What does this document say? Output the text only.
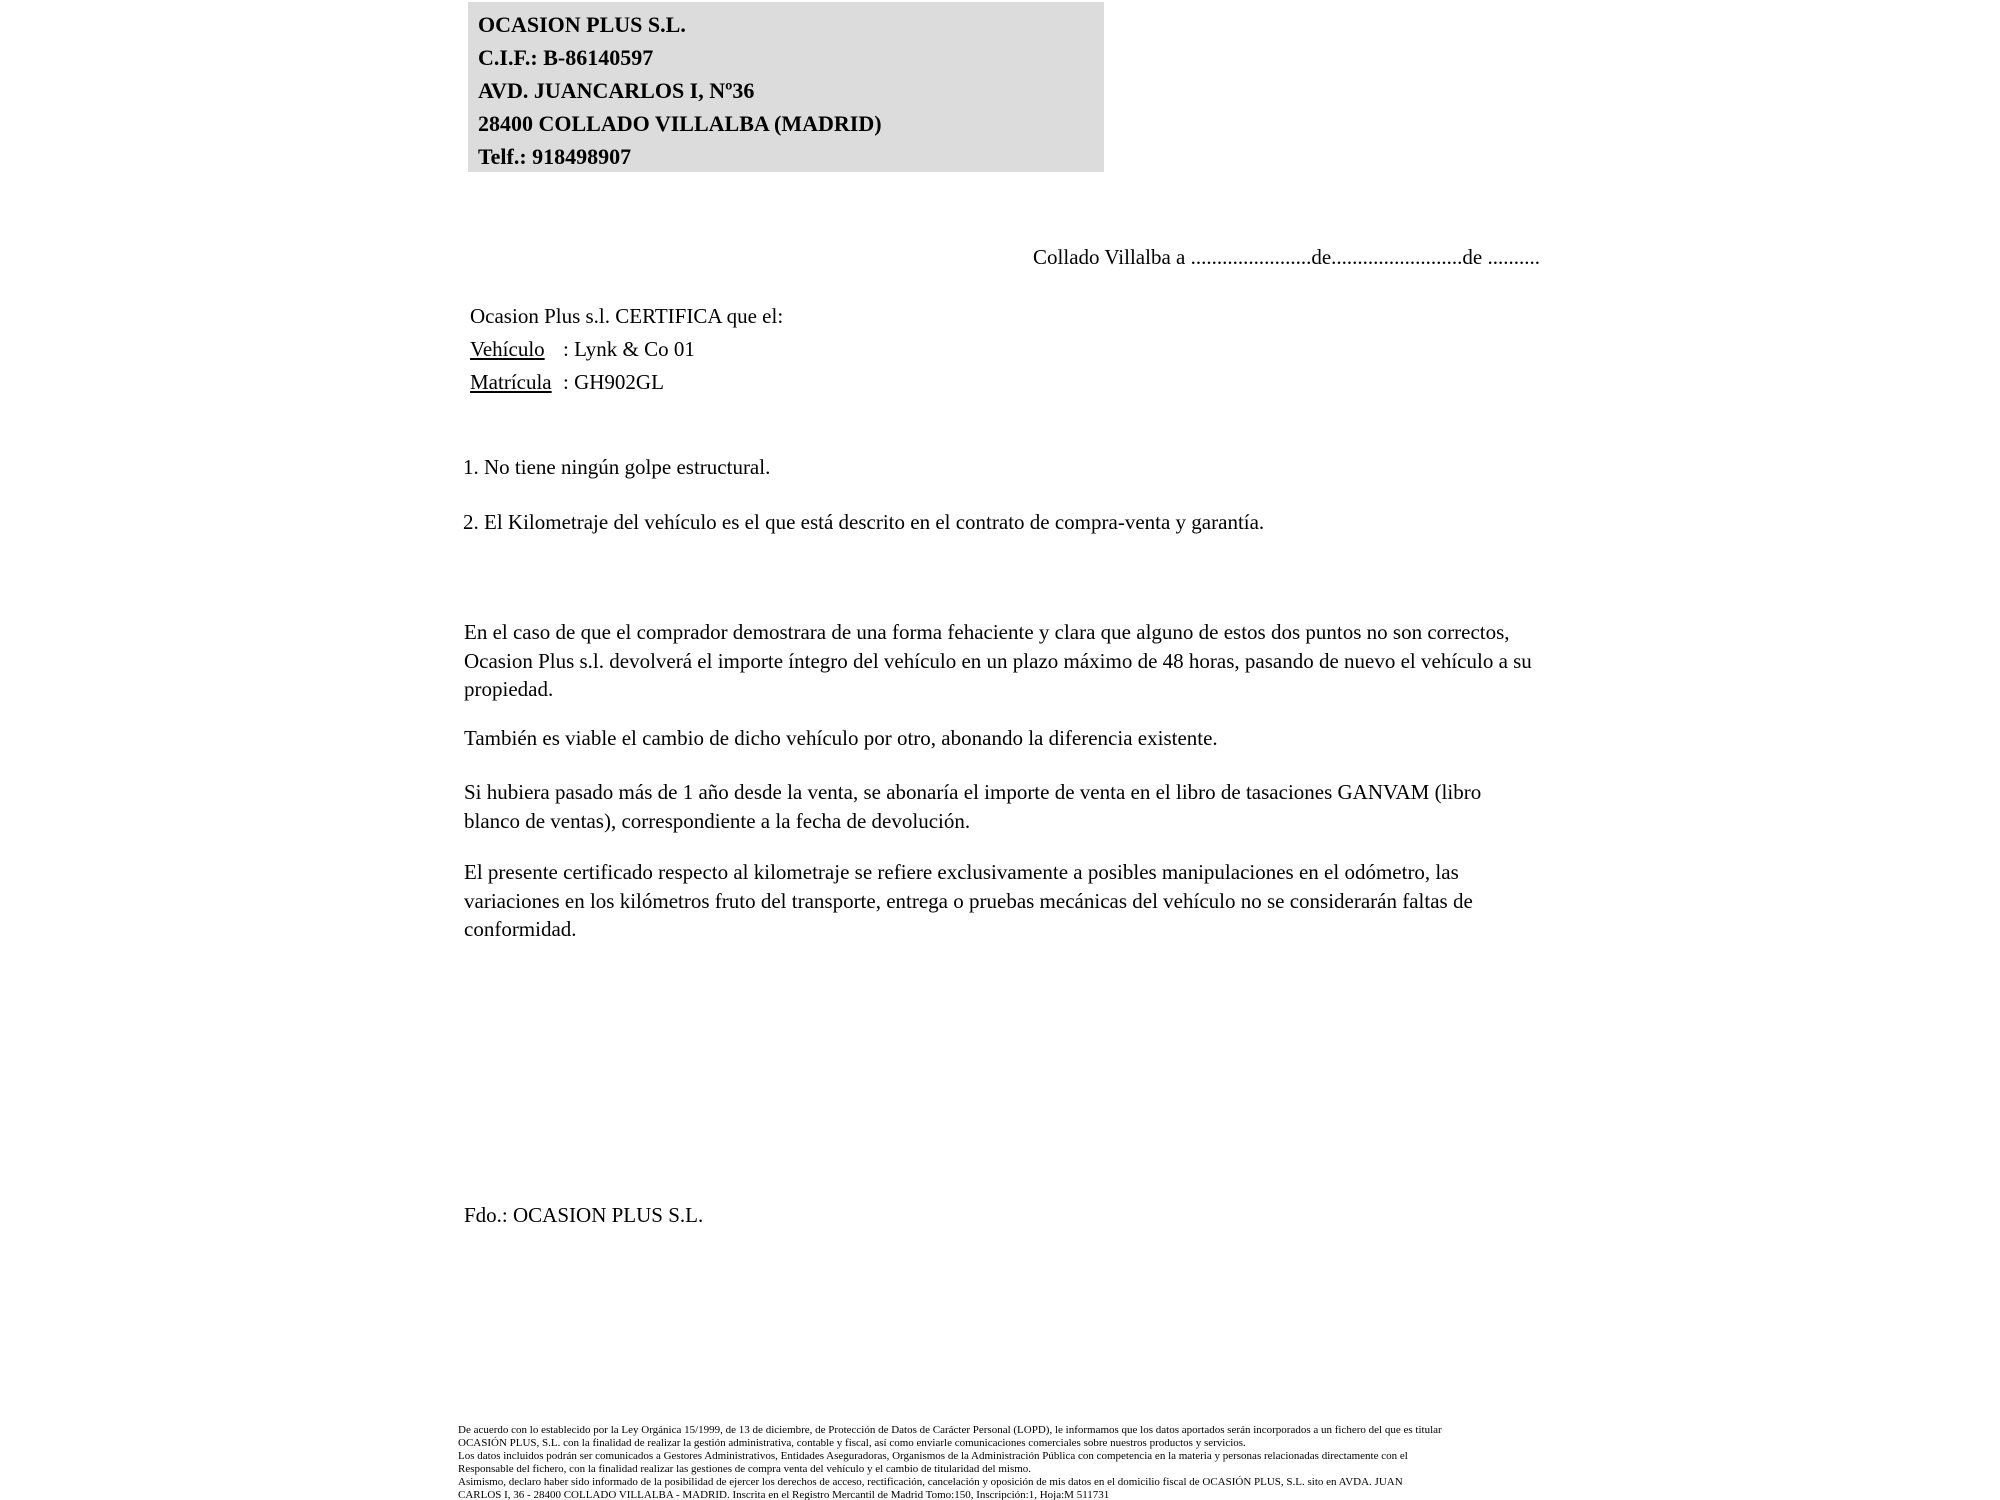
OCASION PLUS S.L.
C.I.F.: B-86140597
AVD. JUANCARLOS I, Nº36
28400 COLLADO VILLALBA (MADRID)
Telf.: 918498907
Collado Villalba a .......................de.........................de ..........
Ocasion Plus s.l. CERTIFICA que el:
Vehículo : Lynk & Co 01
Matrícula : GH902GL
1. No tiene ningún golpe estructural.
2. El Kilometraje del vehículo es el que está descrito en el contrato de compra-venta y garantía.
En el caso de que el comprador demostrara de una forma fehaciente y clara que alguno de estos dos puntos no son correctos, Ocasion Plus s.l. devolverá el importe íntegro del vehículo en un plazo máximo de 48 horas, pasando de nuevo el vehículo a su propiedad.
También es viable el cambio de dicho vehículo por otro, abonando la diferencia existente.
Si hubiera pasado más de 1 año desde la venta, se abonaría el importe de venta en el libro de tasaciones GANVAM (libro blanco de ventas), correspondiente a la fecha de devolución.
El presente certificado respecto al kilometraje se refiere exclusivamente a posibles manipulaciones en el odómetro, las variaciones en los kilómetros fruto del transporte, entrega o pruebas mecánicas del vehículo no se considerarán faltas de conformidad.
Fdo.: OCASION PLUS S.L.
De acuerdo con lo establecido por la Ley Orgánica 15/1999, de 13 de diciembre, de Protección de Datos de Carácter Personal (LOPD), le informamos que los datos aportados serán incorporados a un fichero del que es titular
OCASIÓN PLUS, S.L. con la finalidad de realizar la gestión administrativa, contable y fiscal, así como enviarle comunicaciones comerciales sobre nuestros productos y servicios.
Los datos incluidos podrán ser comunicados a Gestores Administrativos, Entidades Aseguradoras, Organismos de la Administración Pública con competencia en la materia y personas relacionadas directamente con el
Responsable del fichero, con la finalidad realizar las gestiones de compra venta del vehículo y el cambio de titularidad del mismo.
Asimismo, declaro haber sido informado de la posibilidad de ejercer los derechos de acceso, rectificación, cancelación y oposición de mis datos en el domicilio fiscal de OCASIÓN PLUS, S.L. sito en AVDA. JUAN
CARLOS I, 36 - 28400 COLLADO VILLALBA - MADRID. Inscrita en el Registro Mercantil de Madrid Tomo:150, Inscripción:1, Hoja:M 511731
